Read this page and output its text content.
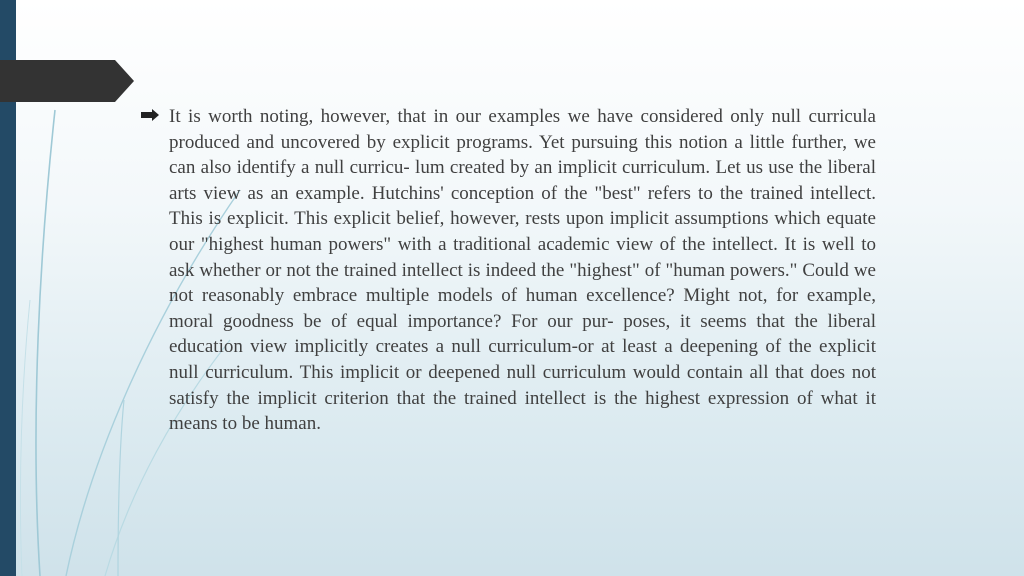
It is worth noting, however, that in our examples we have considered only null curricula produced and uncovered by explicit programs. Yet pursuing this notion a little further, we can also identify a null curricu- lum created by an implicit curriculum. Let us use the liberal arts view as an example. Hutchins' conception of the "best" refers to the trained intellect. This is explicit. This explicit belief, however, rests upon implicit assumptions which equate our "highest human powers" with a traditional academic view of the intellect. It is well to ask whether or not the trained intellect is indeed the "highest" of "human powers." Could we not reasonably embrace multiple models of human excellence? Might not, for example, moral goodness be of equal importance? For our pur- poses, it seems that the liberal education view implicitly creates a null curriculum-or at least a deepening of the explicit null curriculum. This implicit or deepened null curriculum would contain all that does not satisfy the implicit criterion that the trained intellect is the highest expression of what it means to be human.
